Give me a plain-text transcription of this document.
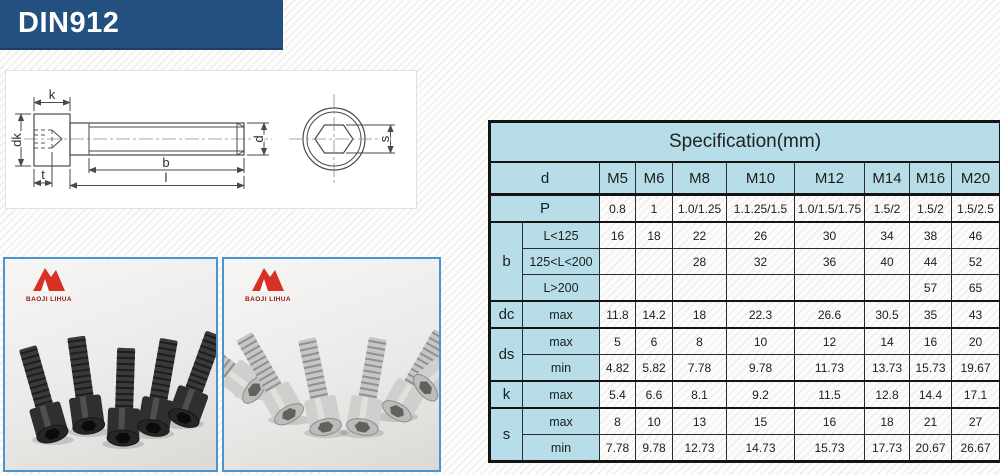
DIN912
k
dk
t
b
l
d	s
BAOJI LIHUA	BAOJI LIHUA
Specification(mm)									
d		M5	M6	M8	M10	M12	M14	M16	M20
P		0.8	1	1.0/1.25	1.1.25/1.5	1.0/1.5/1.75	1.5/2	1.5/2	1.5/2.5
b	L<125	16	18	22	26	30	34	38	46
	125<L<200			28	32	36	40	44	52
	L>200							57	65
dc	max	11.8	14.2	18	22.3	26.6	30.5	35	43
ds	max	5	6	8	10	12	14	16	20
	min	4.82	5.82	7.78	9.78	11.73	13.73	15.73	19.67
k	max	5.4	6.6	8.1	9.2	11.5	12.8	14.4	17.1
s	max	8	10	13	15	16	18	21	27
	min	7.78	9.78	12.73	14.73	15.73	17.73	20.67	26.67
